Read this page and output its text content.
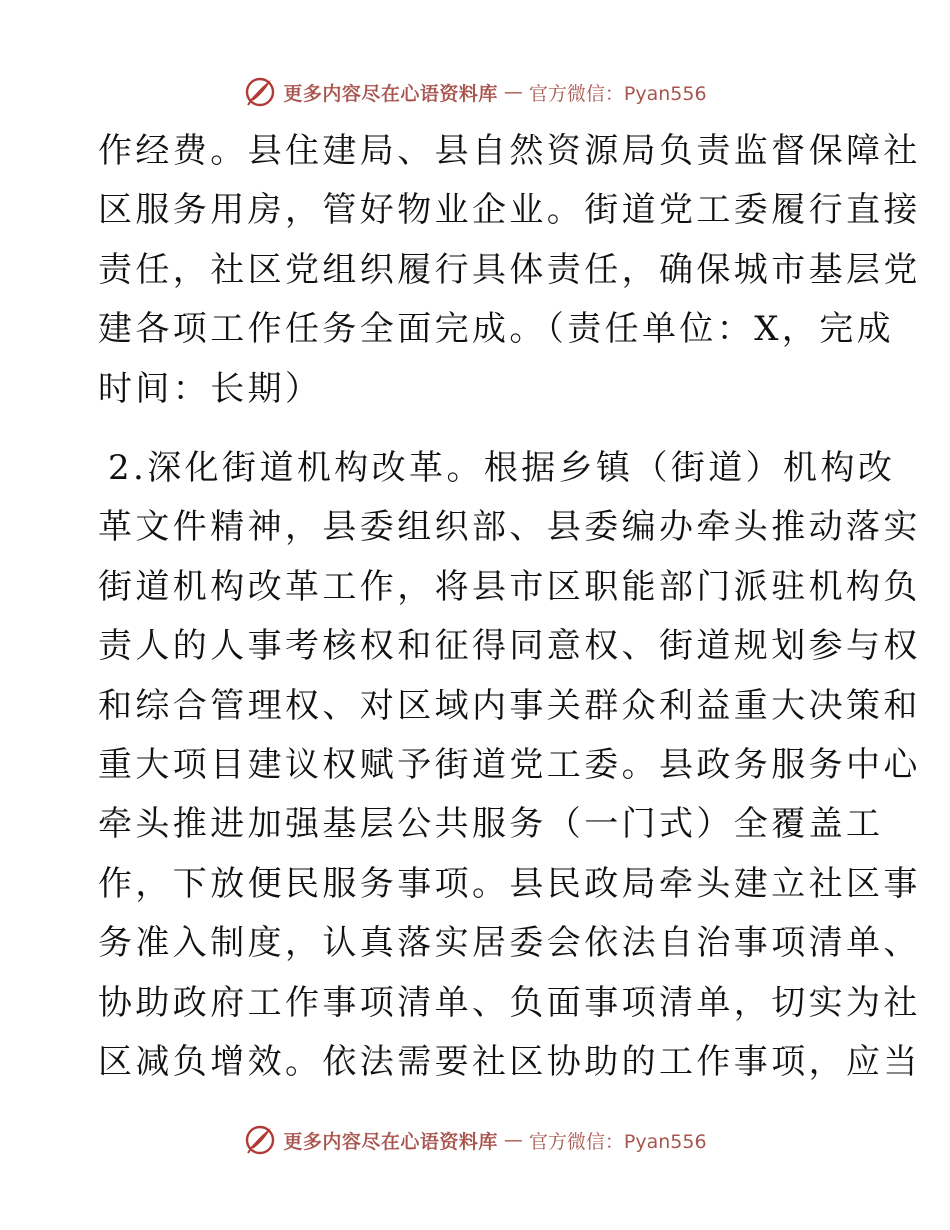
更多内容尽在心语资料库 — 官方微信：Pyan556

作经费。县住建局、县自然资源局负责监督保障社
区服务用房，管好物业企业。街道党工委履行直接
责任，社区党组织履行具体责任，确保城市基层党
建各项工作任务全面完成。（责任单位：X，完成
时间：长期）

2.深化街道机构改革。根据乡镇（街道）机构改
革文件精神，县委组织部、县委编办牵头推动落实
街道机构改革工作，将县市区职能部门派驻机构负
责人的人事考核权和征得同意权、街道规划参与权
和综合管理权、对区域内事关群众利益重大决策和
重大项目建议权赋予街道党工委。县政务服务中心
牵头推进加强基层公共服务（一门式）全覆盖工
作，下放便民服务事项。县民政局牵头建立社区事
务准入制度，认真落实居委会依法自治事项清单、
协助政府工作事项清单、负面事项清单，切实为社
区减负增效。依法需要社区协助的工作事项，应当

更多内容尽在心语资料库 — 官方微信：Pyan556
